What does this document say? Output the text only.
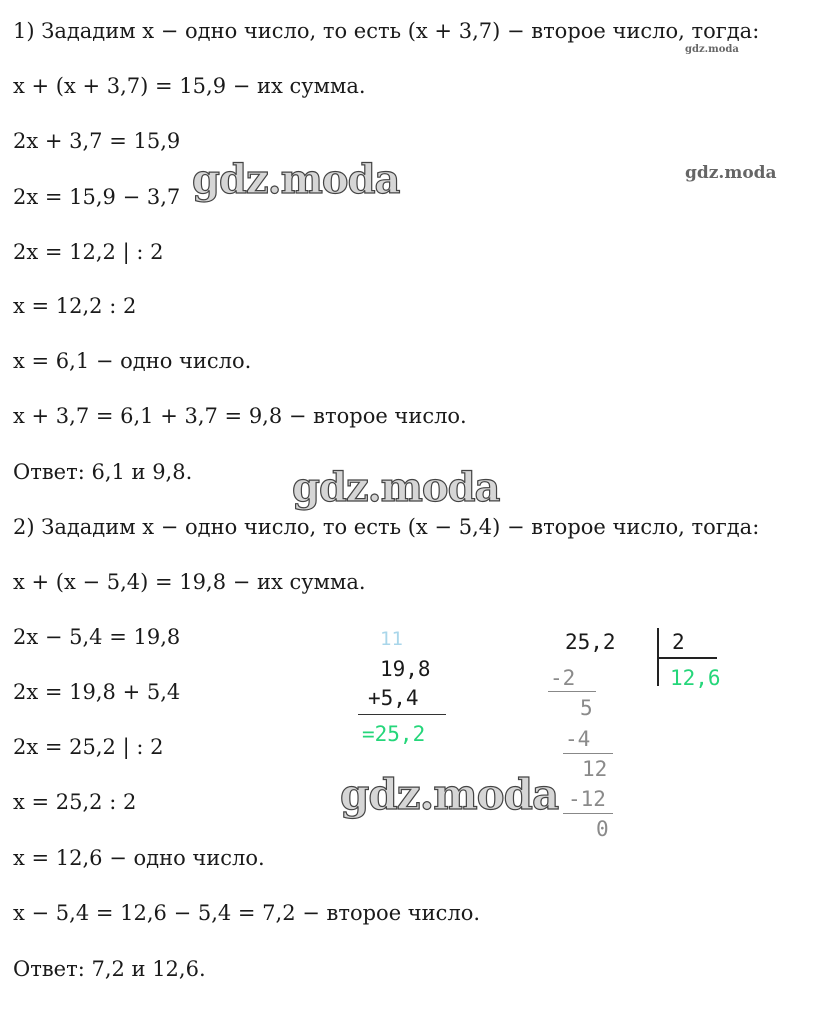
1) Зададим x − одно число, то есть (x + 3,7) − второе число, тогда:
gdz.moda
x + (x + 3,7) = 15,9 − их сумма.
2x + 3,7 = 15,9
2x = 15,9 − 3,7
2x = 12,2 | : 2
x = 12,2 : 2
x = 6,1 − одно число.
x + 3,7 = 6,1 + 3,7 = 9,8 − второе число.
Ответ: 6,1 и 9,8.
2) Зададим x − одно число, то есть (x − 5,4) − второе число, тогда:
x + (x − 5,4) = 19,8 − их сумма.
2x − 5,4 = 19,8
2x = 19,8 + 5,4
2x = 25,2 | : 2
x = 25,2 : 2
x = 12,6 − одно число.
x − 5,4 = 12,6 − 5,4 = 7,2 − второе число.
Ответ: 7,2 и 12,6.
11
19,8
+5,4
=25,2
25,2	2
12,6
-2
5
-4
12
-12
0
gdz.moda	gdz.moda
gdz.moda
gdz.moda
